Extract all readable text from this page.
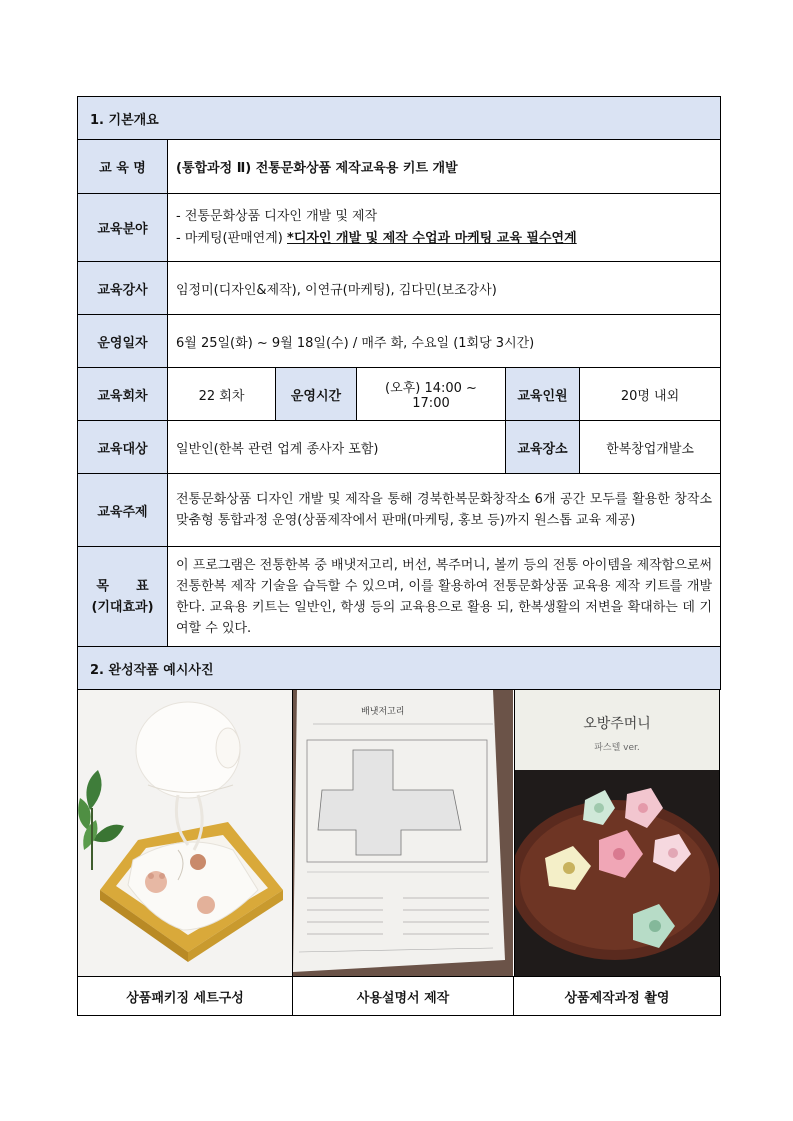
1. 기본개요					
교 육 명	(통합과정 Ⅱ) 전통문화상품 제작교육용 키트 개발				
교육분야	- 전통문화상품 디자인 개발 및 제작
- 마케팅(판매연계) *디자인 개발 및 제작 수업과 마케팅 교육 필수연계				

교육강사	임정미(디자인&제작), 이연규(마케팅), 김다민(보조강사)				
운영일자	6월 25일(화) ~ 9월 18일(수) / 매주 화, 수요일 (1회당 3시간)				
교육회차	22 회차	운영시간	(오후) 14:00 ~ 17:00	교육인원	20명 내외
교육대상	일반인(한복 관련 업계 종사자 포함)			교육장소	한복창업개발소
교육주제	전통문화상품 디자인 개발 및 제작을 통해 경북한복문화창작소 6개 공간 모두를 활용한 창작소 맞춤형 통합과정 운영(상품제작에서 판매(마케팅, 홍보 등)까지 원스톱 교육 제공)				

목      표
(기대효과)	이 프로그램은 전통한복 중 배냇저고리, 버선, 복주머니, 볼끼 등의 전통 아이템을 제작함으로써 전통한복 제작 기술을 습득할 수 있으며, 이를 활용하여 전통문화상품 교육용 제작 키트를 개발한다. 교육용 키트는 일반인, 학생 등의 교육용으로 활용 되, 한복생활의 저변을 확대하는 데 기여할 수 있다.				
2. 완성작품 예시사진					
배냇저고리
오방주머니
파스텔 ver.
상품패키징 세트구성	사용설명서 제작	상품제작과정 촬영
